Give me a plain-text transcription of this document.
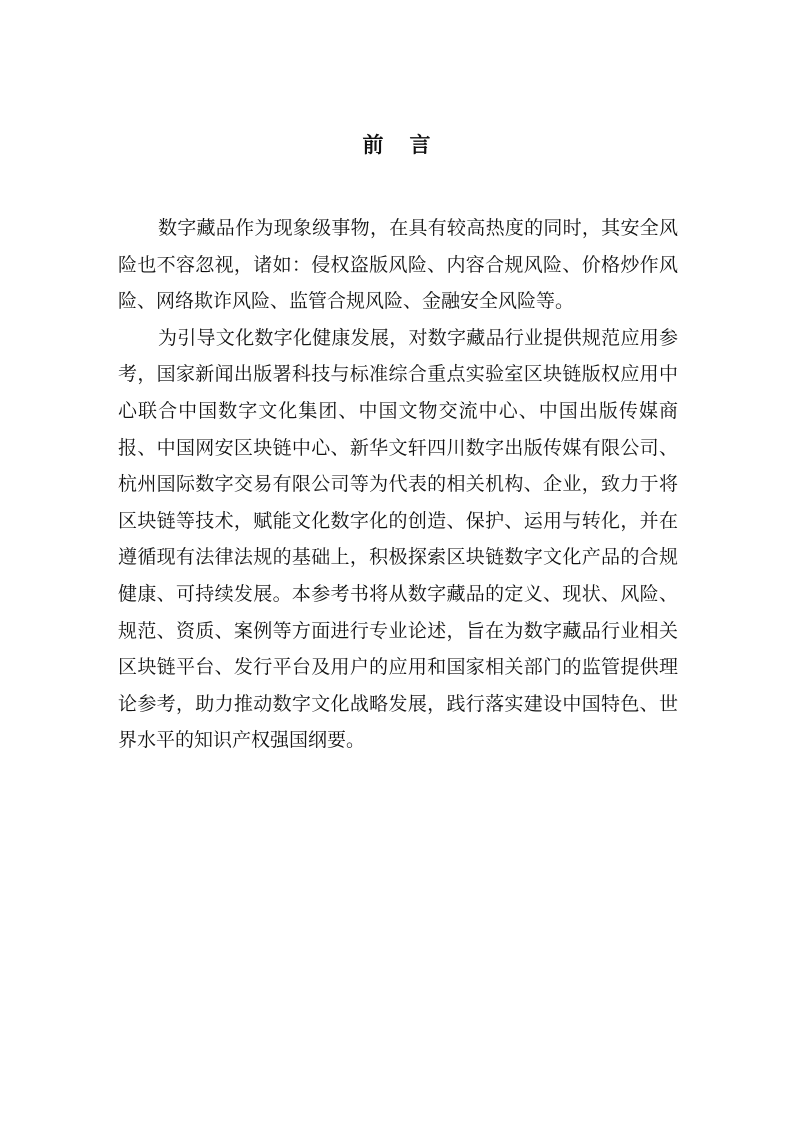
前言

数字藏品作为现象级事物，在具有较高热度的同时，其安全风险也不容忽视，诸如：侵权盗版风险、内容合规风险、价格炒作风险、网络欺诈风险、监管合规风险、金融安全风险等。

为引导文化数字化健康发展，对数字藏品行业提供规范应用参考，国家新闻出版署科技与标准综合重点实验室区块链版权应用中心联合中国数字文化集团、中国文物交流中心、中国出版传媒商报、中国网安区块链中心、新华文轩四川数字出版传媒有限公司、杭州国际数字交易有限公司等为代表的相关机构、企业，致力于将区块链等技术，赋能文化数字化的创造、保护、运用与转化，并在遵循现有法律法规的基础上，积极探索区块链数字文化产品的合规健康、可持续发展。本参考书将从数字藏品的定义、现状、风险、规范、资质、案例等方面进行专业论述，旨在为数字藏品行业相关区块链平台、发行平台及用户的应用和国家相关部门的监管提供理论参考，助力推动数字文化战略发展，践行落实建设中国特色、世界水平的知识产权强国纲要。
